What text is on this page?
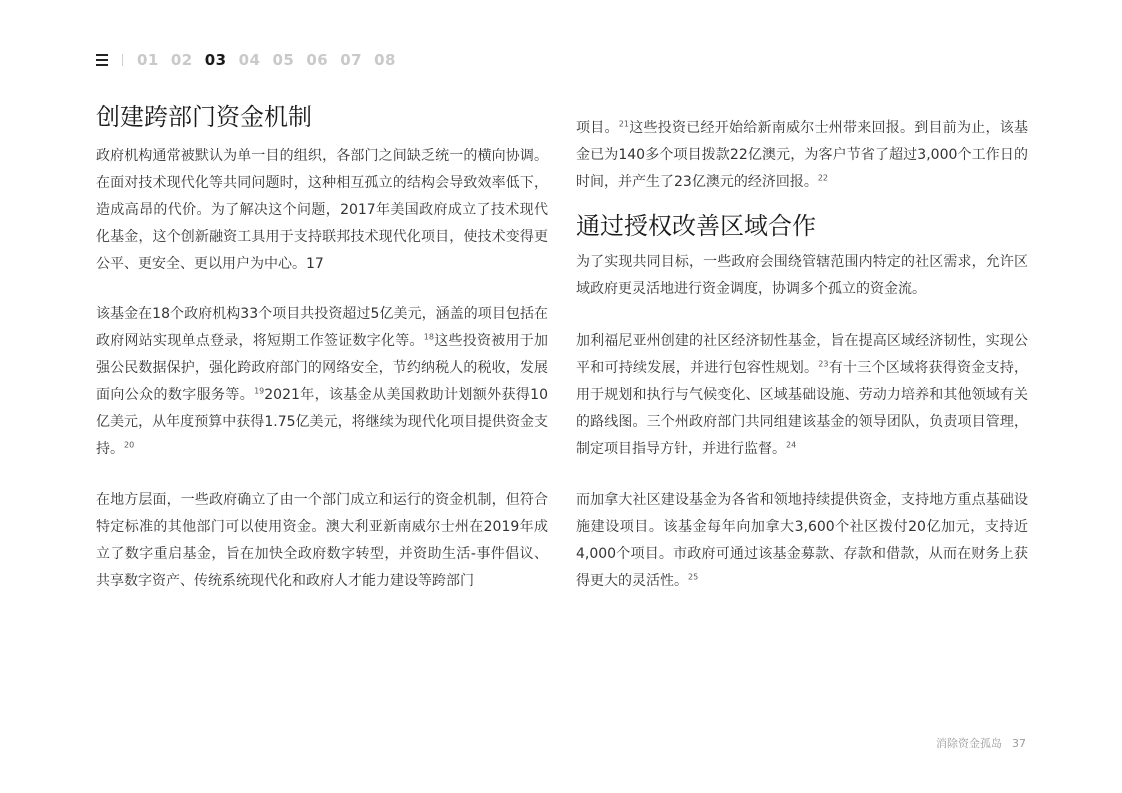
01 02 03 04 05 06 07 08
创建跨部门资金机制

政府机构通常被默认为单一目的组织，各部门之间缺乏统一的横向协调。在面对技术现代化等共同问题时，这种相互孤立的结构会导致效率低下，造成高昂的代价。为了解决这个问题，2017年美国政府成立了技术现代化基金，这个创新融资工具用于支持联邦技术现代化项目，使技术变得更公平、更安全、更以用户为中心。17

该基金在18个政府机构33个项目共投资超过5亿美元，涵盖的项目包括在政府网站实现单点登录，将短期工作签证数字化等。$^{18}$这些投资被用于加强公民数据保护，强化跨政府部门的网络安全，节约纳税人的税收，发展面向公众的数字服务等。$^{19}$2021年，该基金从美国救助计划额外获得10亿美元，从年度预算中获得1.75亿美元，将继续为现代化项目提供资金支持。$^{20}$

在地方层面，一些政府确立了由一个部门成立和运行的资金机制，但符合特定标准的其他部门可以使用资金。澳大利亚新南威尔士州在2019年成立了数字重启基金，旨在加快全政府数字转型，并资助生活-事件倡议、共享数字资产、传统系统现代化和政府人才能力建设等跨部门

项目。$^{21}$这些投资已经开始给新南威尔士州带来回报。到目前为止，该基金已为140多个项目拨款22亿澳元，为客户节省了超过3,000个工作日的时间，并产生了23亿澳元的经济回报。$^{22}$

通过授权改善区域合作

为了实现共同目标，一些政府会围绕管辖范围内特定的社区需求，允许区域政府更灵活地进行资金调度，协调多个孤立的资金流。

加利福尼亚州创建的社区经济韧性基金，旨在提高区域经济韧性，实现公平和可持续发展，并进行包容性规划。$^{23}$有十三个区域将获得资金支持，用于规划和执行与气候变化、区域基础设施、劳动力培养和其他领域有关的路线图。三个州政府部门共同组建该基金的领导团队，负责项目管理，制定项目指导方针，并进行监督。$^{24}$

而加拿大社区建设基金为各省和领地持续提供资金，支持地方重点基础设施建设项目。该基金每年向加拿大3,600个社区拨付20亿加元，支持近4,000个项目。市政府可通过该基金募款、存款和借款，从而在财务上获得更大的灵活性。$^{25}$

消除资金孤岛 37
